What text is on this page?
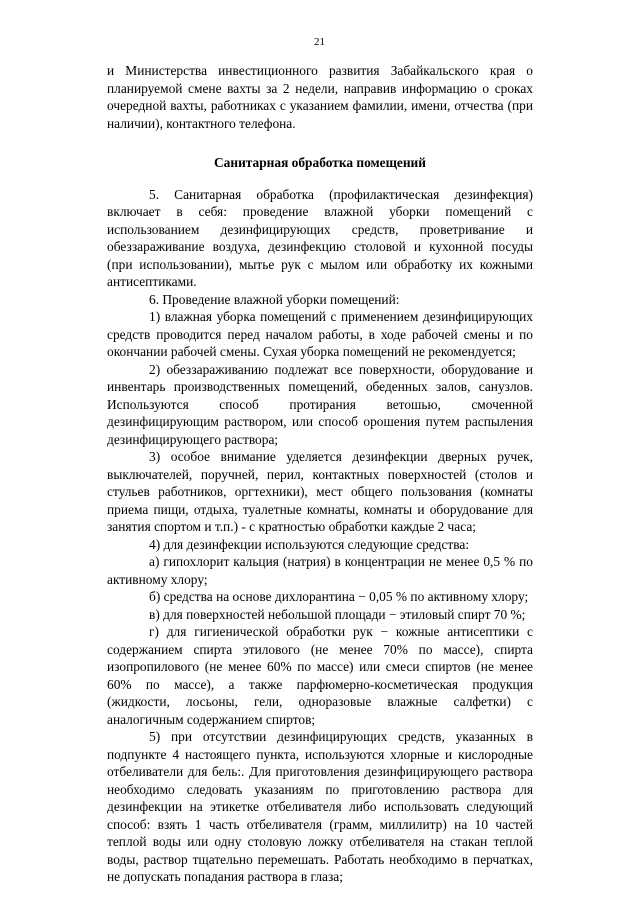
21

и Министерства инвестиционного развития Забайкальского края о планируемой смене вахты за 2 недели, направив информацию о сроках очередной вахты, работниках с указанием фамилии, имени, отчества (при наличии), контактного телефона.

Санитарная обработка помещений

5. Санитарная обработка (профилактическая дезинфекция) включает в себя: проведение влажной уборки помещений с использованием дезинфицирующих средств, проветривание и обеззараживание воздуха, дезинфекцию столовой и кухонной посуды (при использовании), мытье рук с мылом или обработку их кожными антисептиками.

6. Проведение влажной уборки помещений:

1) влажная уборка помещений с применением дезинфицирующих средств проводится перед началом работы, в ходе рабочей смены и по окончании рабочей смены. Сухая уборка помещений не рекомендуется;

2) обеззараживанию подлежат все поверхности, оборудование и инвентарь производственных помещений, обеденных залов, санузлов. Используются способ протирания ветошью, смоченной дезинфицирующим раствором, или способ орошения путем распыления дезинфицирующего раствора;

3) особое внимание уделяется дезинфекции дверных ручек, выключателей, поручней, перил, контактных поверхностей (столов и стульев работников, оргтехники), мест общего пользования (комнаты приема пищи, отдыха, туалетные комнаты, комнаты и оборудование для занятия спортом и т.п.) - с кратностью обработки каждые 2 часа;

4) для дезинфекции используются следующие средства:

а) гипохлорит кальция (натрия) в концентрации не менее 0,5 % по активному хлору;

б) средства на основе дихлорантина − 0,05 % по активному хлору;

в) для поверхностей небольшой площади − этиловый спирт 70 %;

г) для гигиенической обработки рук − кожные антисептики с содержанием спирта этилового (не менее 70% по массе), спирта изопропилового (не менее 60% по массе) или смеси спиртов (не менее 60% по массе), а также парфюмерно-косметическая продукция (жидкости, лосьоны, гели, одноразовые влажные салфетки) с аналогичным содержанием спиртов;

5) при отсутствии дезинфицирующих средств, указанных в подпункте 4 настоящего пункта, используются хлорные и кислородные отбеливатели для бель:. Для приготовления дезинфицирующего раствора необходимо следовать указаниям по приготовлению раствора для дезинфекции на этикетке отбеливателя либо использовать следующий способ: взять 1 часть отбеливателя (грамм, миллилитр) на 10 частей теплой воды или одну столовую ложку отбеливателя на стакан теплой воды, раствор тщательно перемешать. Работать необходимо в перчатках, не допускать попадания раствора в глаза;
